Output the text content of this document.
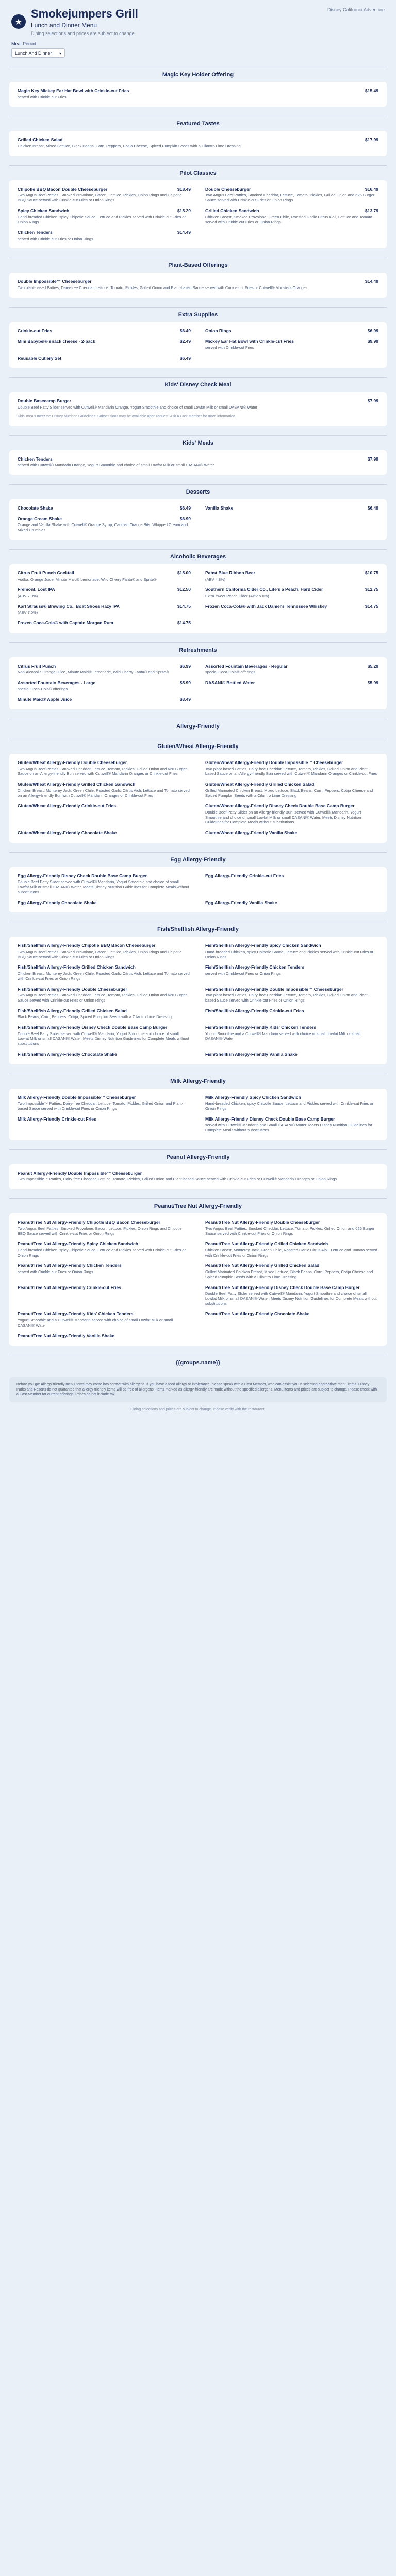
★
Smokejumpers Grill
Lunch and Dinner Menu
Dining selections and prices are subject to change.
Disney California Adventure
Meal Period
Lunch And Dinner ▾
Magic Key Holder Offering
Magic Key Mickey Ear Hat Bowl with Crinkle-cut Fries	$15.49
served with Crinkle-cut Fries
Featured Tastes
Grilled Chicken Salad	$17.99
Chicken Breast, Mixed Lettuce, Black Beans, Corn, Peppers, Cotija Cheese, Spiced Pumpkin Seeds with a Cilantro Lime Dressing
Pilot Classics
Chipotle BBQ Bacon Double Cheeseburger	$18.49
Two Angus Beef Patties, Smoked Provolone, Bacon, Lettuce, Pickles, Onion Rings and Chipotle BBQ Sauce served with Crinkle-cut Fries or Onion Rings
Double Cheeseburger	$16.49
Two Angus Beef Patties, Smoked Cheddar, Lettuce, Tomato, Pickles, Grilled Onion and 626 Burger Sauce served with Crinkle-cut Fries or Onion Rings
Spicy Chicken Sandwich	$15.29
Hand-breaded Chicken, spicy Chipotle Sauce, Lettuce and Pickles served with Crinkle-cut Fries or Onion Rings
Grilled Chicken Sandwich	$13.79
Chicken Breast, Smoked Provolone, Green Chile, Roasted Garlic Citrus Aioli, Lettuce and Tomato served with Crinkle-cut Fries or Onion Rings
Chicken Tenders	$14.49
served with Crinkle-cut Fries or Onion Rings
Plant-Based Offerings
Double Impossible™ Cheeseburger	$14.49
Two plant-based Patties, Dairy-free Cheddar, Lettuce, Tomato, Pickles, Grilled Onion and Plant-based Sauce served with Crinkle-cut Fries or Cutwell® Monsters Oranges
Extra Supplies
Crinkle-cut Fries	$6.49	Onion Rings	$6.99
Mini Babybel® snack cheese - 2-pack	$2.49	Mickey Ear Hat Bowl with Crinkle-cut Fries	$9.99
served with Crinkle-cut Fries
Reusable Cutlery Set	$6.49
Kids' Disney Check Meal
Double Basecamp Burger	$7.99
Double Beef Patty Slider served with Cutwell® Mandarin Orange, Yogurt Smoothie and choice of small Lowfat Milk or small DASANI® Water
Kids' meals meet the Disney Nutrition Guidelines. Substitutions may be available upon request. Ask a Cast Member for more information.
Kids' Meals
Chicken Tenders	$7.99
served with Cutwell® Mandarin Orange, Yogurt Smoothie and choice of small Lowfat Milk or small DASANI® Water
Desserts
Chocolate Shake	$6.49	Vanilla Shake	$6.49
Orange Cream Shake	$6.99
Orange and Vanilla Shake with Cutwell® Orange Syrup, Candied Orange Bits, Whipped Cream and Mixed Crumbles
Alcoholic Beverages
Citrus Fruit Punch Cocktail	$15.00
Vodka, Orange Juice, Minute Maid® Lemonade, Wild Cherry Fanta® and Sprite®
Pabst Blue Ribbon Beer	$10.75
(ABV 4.8%)
Fremont, Lost IPA	$12.50
(ABV 7.0%)
Southern California Cider Co., Life's a Peach, Hard Cider	$12.75
Extra sweet Peach Cider (ABV 5.0%)
Karl Strauss® Brewing Co., Boat Shoes Hazy IPA	$14.75
(ABV 7.0%)
Frozen Coca-Cola® with Jack Daniel's Tennessee Whiskey	$14.75
Frozen Coca-Cola® with Captain Morgan Rum	$14.75
Refreshments
Citrus Fruit Punch	$6.99
Non-Alcoholic Orange Juice, Minute Maid® Lemonade, Wild Cherry Fanta® and Sprite®
Assorted Fountain Beverages - Regular	$5.29
special Coca-Cola® offerings
Assorted Fountain Beverages - Large	$5.99
special Coca-Cola® offerings
DASANI® Bottled Water	$5.99
Minute Maid® Apple Juice	$3.49
Allergy-Friendly
Gluten/Wheat Allergy-Friendly
Gluten/Wheat Allergy-Friendly Double Cheeseburger
Two Angus Beef Patties, Smoked Cheddar, Lettuce, Tomato, Pickles, Grilled Onion and 626 Burger Sauce on an Allergy-friendly Bun served with Cutwell® Mandarin Oranges or Crinkle-cut Fries
Gluten/Wheat Allergy-Friendly Double Impossible™ Cheeseburger
Two plant-based Patties, Dairy-free Cheddar, Lettuce, Tomato, Pickles, Grilled Onion and Plant-based Sauce on an Allergy-friendly Bun served with Cutwell® Mandarin Oranges or Crinkle-cut Fries
Gluten/Wheat Allergy-Friendly Grilled Chicken Sandwich
Chicken Breast, Monterey Jack, Green Chile, Roasted Garlic Citrus Aioli, Lettuce and Tomato served on an Allergy-friendly Bun with Cutwell® Mandarin Oranges or Crinkle-cut Fries
Gluten/Wheat Allergy-Friendly Grilled Chicken Salad
Grilled Marinated Chicken Breast, Mixed Lettuce, Black Beans, Corn, Peppers, Cotija Cheese and Spiced Pumpkin Seeds with a Cilantro Lime Dressing
Gluten/Wheat Allergy-Friendly Crinkle-cut Fries	Gluten/Wheat Allergy-Friendly Disney Check Double Base Camp Burger
Double Beef Patty Slider on an Allergy-friendly Bun, served with Cutwell® Mandarin, Yogurt Smoothie and choice of small Lowfat Milk or small DASANI® Water. Meets Disney Nutrition Guidelines for Complete Meals without substitutions
Gluten/Wheat Allergy-Friendly Chocolate Shake	Gluten/Wheat Allergy-Friendly Vanilla Shake
Egg Allergy-Friendly
Egg Allergy-Friendly Disney Check Double Base Camp Burger
Double Beef Patty Slider served with Cutwell® Mandarin, Yogurt Smoothie and choice of small Lowfat Milk or small DASANI® Water. Meets Disney Nutrition Guidelines for Complete Meals without substitutions
Egg Allergy-Friendly Crinkle-cut Fries
Egg Allergy-Friendly Chocolate Shake	Egg Allergy-Friendly Vanilla Shake
Fish/Shellfish Allergy-Friendly
Fish/Shellfish Allergy-Friendly Chipotle BBQ Bacon Cheeseburger
Two Angus Beef Patties, Smoked Provolone, Bacon, Lettuce, Pickles, Onion Rings and Chipotle BBQ Sauce served with Crinkle-cut Fries or Onion Rings
Fish/Shellfish Allergy-Friendly Spicy Chicken Sandwich
Hand-breaded Chicken, spicy Chipotle Sauce, Lettuce and Pickles served with Crinkle-cut Fries or Onion Rings
Fish/Shellfish Allergy-Friendly Grilled Chicken Sandwich
Chicken Breast, Monterey Jack, Green Chile, Roasted Garlic Citrus Aioli, Lettuce and Tomato served with Crinkle-cut Fries or Onion Rings
Fish/Shellfish Allergy-Friendly Chicken Tenders
served with Crinkle-cut Fries or Onion Rings
Fish/Shellfish Allergy-Friendly Double Cheeseburger
Two Angus Beef Patties, Smoked Cheddar, Lettuce, Tomato, Pickles, Grilled Onion and 626 Burger Sauce served with Crinkle-cut Fries or Onion Rings
Fish/Shellfish Allergy-Friendly Double Impossible™ Cheeseburger
Two plant-based Patties, Dairy-free Cheddar, Lettuce, Tomato, Pickles, Grilled Onion and Plant-based Sauce served with Crinkle-cut Fries or Onion Rings
Fish/Shellfish Allergy-Friendly Grilled Chicken Salad
Black Beans, Corn, Peppers, Cotija, Spiced Pumpkin Seeds with a Cilantro Lime Dressing
Fish/Shellfish Allergy-Friendly Crinkle-cut Fries
Fish/Shellfish Allergy-Friendly Disney Check Double Base Camp Burger
Double Beef Patty Slider served with Cutwell® Mandarin, Yogurt Smoothie and choice of small Lowfat Milk or small DASANI® Water. Meets Disney Nutrition Guidelines for Complete Meals without substitutions
Fish/Shellfish Allergy-Friendly Kids' Chicken Tenders
Yogurt Smoothie and a Cutwell® Mandarin served with choice of small Lowfat Milk or small DASANI® Water
Fish/Shellfish Allergy-Friendly Chocolate Shake	Fish/Shellfish Allergy-Friendly Vanilla Shake
Milk Allergy-Friendly
Milk Allergy-Friendly Double Impossible™ Cheeseburger
Two Impossible™ Patties, Dairy-free Cheddar, Lettuce, Tomato, Pickles, Grilled Onion and Plant-based Sauce served with Crinkle-cut Fries or Onion Rings
Milk Allergy-Friendly Spicy Chicken Sandwich
Hand-breaded Chicken, spicy Chipotle Sauce, Lettuce and Pickles served with Crinkle-cut Fries or Onion Rings
Milk Allergy-Friendly Crinkle-cut Fries	Milk Allergy-Friendly Disney Check Double Base Camp Burger
served with Cutwell® Mandarin and Small DASANI® Water. Meets Disney Nutrition Guidelines for Complete Meals without substitutions
Peanut Allergy-Friendly
Peanut Allergy-Friendly Double Impossible™ Cheeseburger
Two Impossible™ Patties, Dairy-free Cheddar, Lettuce, Tomato, Pickles, Grilled Onion and Plant-based Sauce served with Crinkle-cut Fries or Cutwell® Mandarin Oranges or Onion Rings
Peanut/Tree Nut Allergy-Friendly
Peanut/Tree Nut Allergy-Friendly Chipotle BBQ Bacon Cheeseburger
Two Angus Beef Patties, Smoked Provolone, Bacon, Lettuce, Pickles, Onion Rings and Chipotle BBQ Sauce served with Crinkle-cut Fries or Onion Rings
Peanut/Tree Nut Allergy-Friendly Double Cheeseburger
Two Angus Beef Patties, Smoked Cheddar, Lettuce, Tomato, Pickles, Grilled Onion and 626 Burger Sauce served with Crinkle-cut Fries or Onion Rings
Peanut/Tree Nut Allergy-Friendly Spicy Chicken Sandwich
Hand-breaded Chicken, spicy Chipotle Sauce, Lettuce and Pickles served with Crinkle-cut Fries or Onion Rings
Peanut/Tree Nut Allergy-Friendly Grilled Chicken Sandwich
Chicken Breast, Monterey Jack, Green Chile, Roasted Garlic Citrus Aioli, Lettuce and Tomato served with Crinkle-cut Fries or Onion Rings
Peanut/Tree Nut Allergy-Friendly Chicken Tenders
served with Crinkle-cut Fries or Onion Rings
Peanut/Tree Nut Allergy-Friendly Grilled Chicken Salad
Grilled Marinated Chicken Breast, Mixed Lettuce, Black Beans, Corn, Peppers, Cotija Cheese and Spiced Pumpkin Seeds with a Cilantro Lime Dressing
Peanut/Tree Nut Allergy-Friendly Crinkle-cut Fries	Peanut/Tree Nut Allergy-Friendly Disney Check Double Base Camp Burger
Double Beef Patty Slider served with Cutwell® Mandarin, Yogurt Smoothie and choice of small Lowfat Milk or small DASANI® Water. Meets Disney Nutrition Guidelines for Complete Meals without substitutions
Peanut/Tree Nut Allergy-Friendly Kids' Chicken Tenders
Yogurt Smoothie and a Cutwell® Mandarin served with choice of small Lowfat Milk or small DASANI® Water
Peanut/Tree Nut Allergy-Friendly Chocolate Shake
Peanut/Tree Nut Allergy-Friendly Vanilla Shake
{{groups.name}}
Before you go: Allergy-friendly menu items may come into contact with allergens. If you have a food allergy or intolerance, please speak with a Cast Member, who can assist you in selecting appropriate menu items. Disney Parks and Resorts do not guarantee that allergy-friendly items will be free of allergens. Items marked as allergy-friendly are made without the specified allergens. Menu items and prices are subject to change. Please check with a Cast Member for current offerings. Prices do not include tax.
Dining selections and prices are subject to change. Please verify with the restaurant.
